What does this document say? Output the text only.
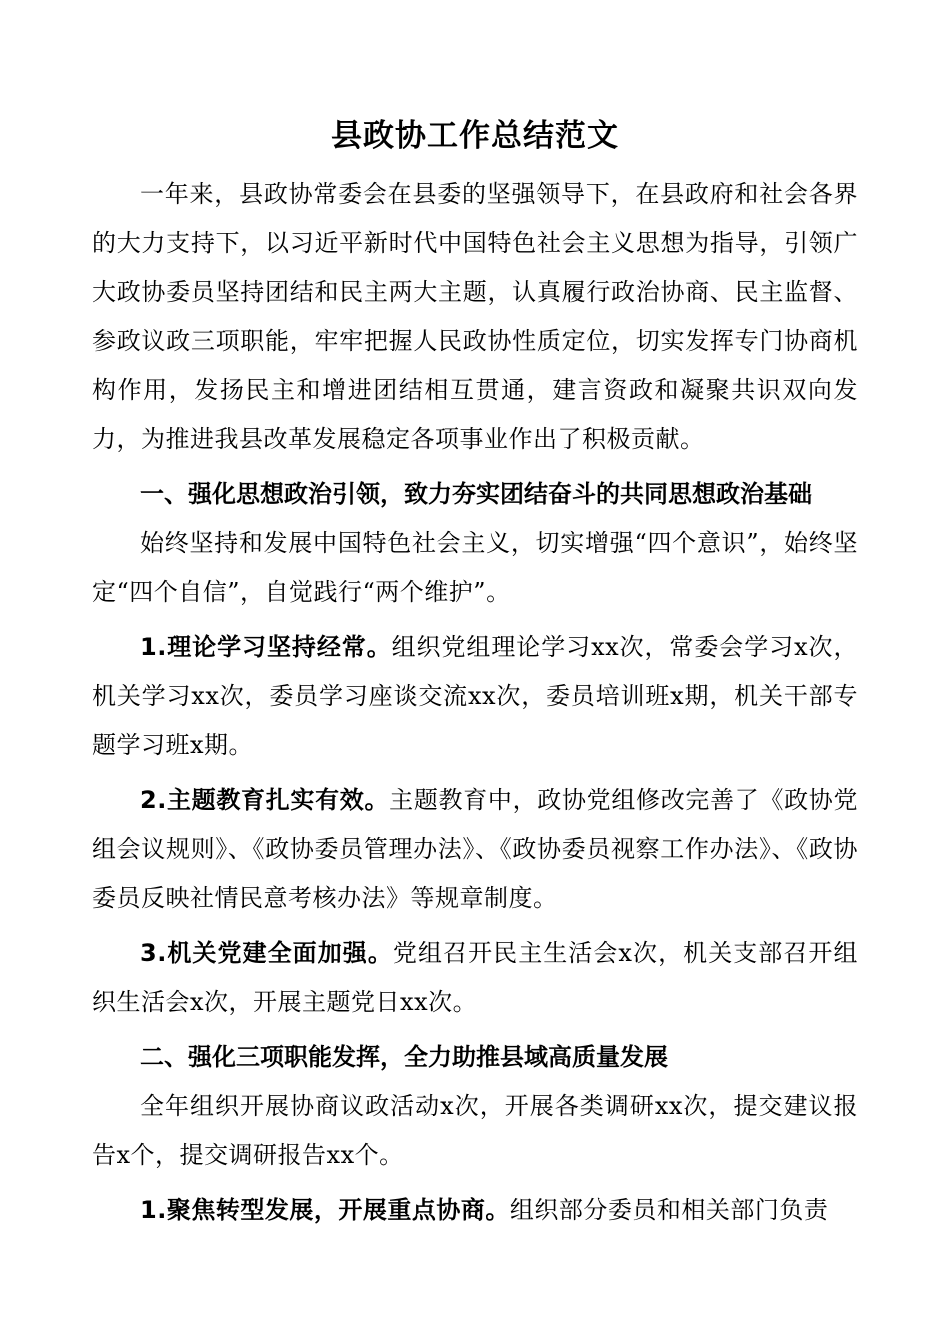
县政协工作总结范文

一年来，县政协常委会在县委的坚强领导下，在县政府和社会各界的大力支持下，以习近平新时代中国特色社会主义思想为指导，引领广大政协委员坚持团结和民主两大主题，认真履行政治协商、民主监督、参政议政三项职能，牢牢把握人民政协性质定位，切实发挥专门协商机构作用，发扬民主和增进团结相互贯通，建言资政和凝聚共识双向发力，为推进我县改革发展稳定各项事业作出了积极贡献。

一、强化思想政治引领，致力夯实团结奋斗的共同思想政治基础

始终坚持和发展中国特色社会主义，切实增强“四个意识”，始终坚定“四个自信”，自觉践行“两个维护”。

1.理论学习坚持经常。组织党组理论学习xx次，常委会学习x次，机关学习xx次，委员学习座谈交流xx次，委员培训班x期，机关干部专题学习班x期。

2.主题教育扎实有效。主题教育中，政协党组修改完善了《政协党组会议规则》、《政协委员管理办法》、《政协委员视察工作办法》、《政协委员反映社情民意考核办法》等规章制度。

3.机关党建全面加强。党组召开民主生活会x次，机关支部召开组织生活会x次，开展主题党日xx次。

二、强化三项职能发挥，全力助推县域高质量发展

全年组织开展协商议政活动x次，开展各类调研xx次，提交建议报告x个，提交调研报告xx个。

1.聚焦转型发展，开展重点协商。组织部分委员和相关部门负责
